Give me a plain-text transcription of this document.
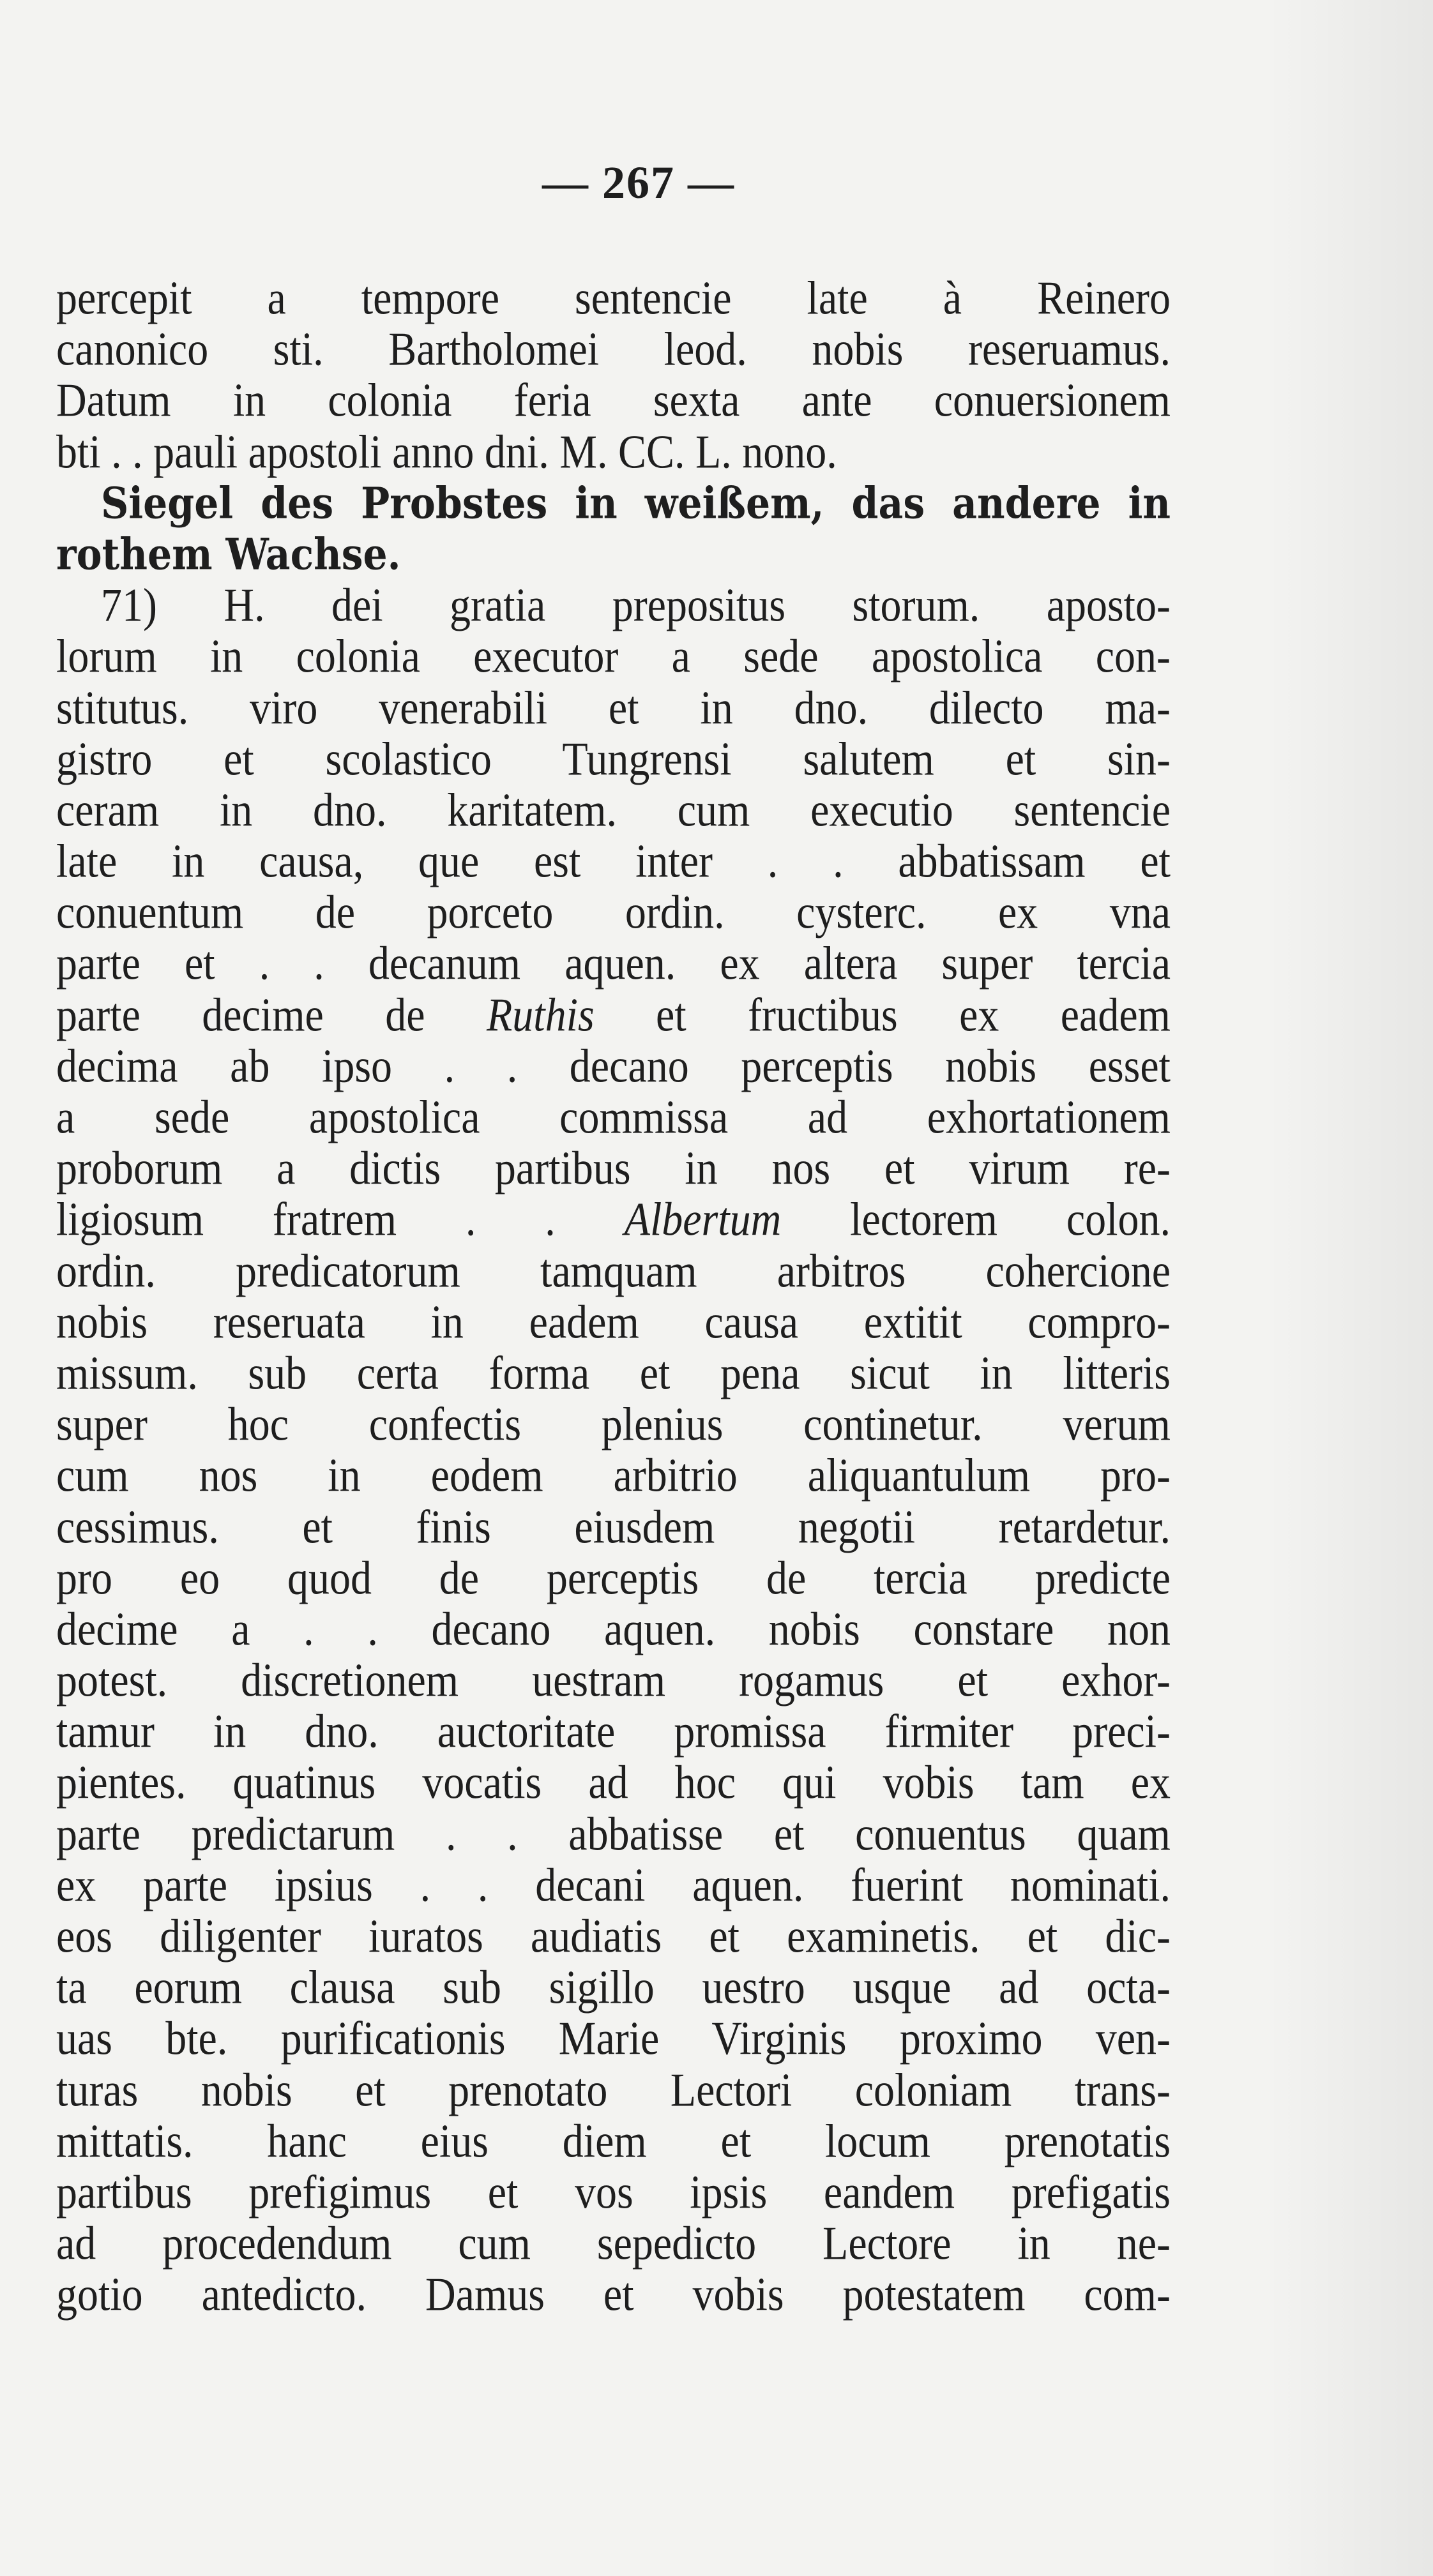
— 267 —
percepit a tempore sentencie late à Reinero
canonico sti. Bartholomei leod. nobis reseruamus.
Datum in colonia feria sexta ante conuersionem
bti . . pauli apostoli anno dni. M. CC. L. nono.
Siegel des Probstes in weißem, das andere in
rothem Wachse.
71) H. dei gratia prepositus storum. aposto-
lorum in colonia executor a sede apostolica con-
stitutus. viro venerabili et in dno. dilecto ma-
gistro et scolastico Tungrensi salutem et sin-
ceram in dno. karitatem. cum executio sentencie
late in causa, que est inter . . abbatissam et
conuentum de porceto ordin. cysterc. ex vna
parte et . . decanum aquen. ex altera super tercia
parte decime de Ruthis et fructibus ex eadem
decima ab ipso . . decano perceptis nobis esset
a sede apostolica commissa ad exhortationem
proborum a dictis partibus in nos et virum re-
ligiosum fratrem . . Albertum lectorem colon.
ordin. predicatorum tamquam arbitros cohercione
nobis reseruata in eadem causa extitit compro-
missum. sub certa forma et pena sicut in litteris
super hoc confectis plenius continetur. verum
cum nos in eodem arbitrio aliquantulum pro-
cessimus. et finis eiusdem negotii retardetur.
pro eo quod de perceptis de tercia predicte
decime a . . decano aquen. nobis constare non
potest. discretionem uestram rogamus et exhor-
tamur in dno. auctoritate promissa firmiter preci-
pientes. quatinus vocatis ad hoc qui vobis tam ex
parte predictarum . . abbatisse et conuentus quam
ex parte ipsius . . decani aquen. fuerint nominati.
eos diligenter iuratos audiatis et examinetis. et dic-
ta eorum clausa sub sigillo uestro usque ad octa-
uas bte. purificationis Marie Virginis proximo ven-
turas nobis et prenotato Lectori coloniam trans-
mittatis. hanc eius diem et locum prenotatis
partibus prefigimus et vos ipsis eandem prefigatis
ad procedendum cum sepedicto Lectore in ne-
gotio antedicto. Damus et vobis potestatem com-
